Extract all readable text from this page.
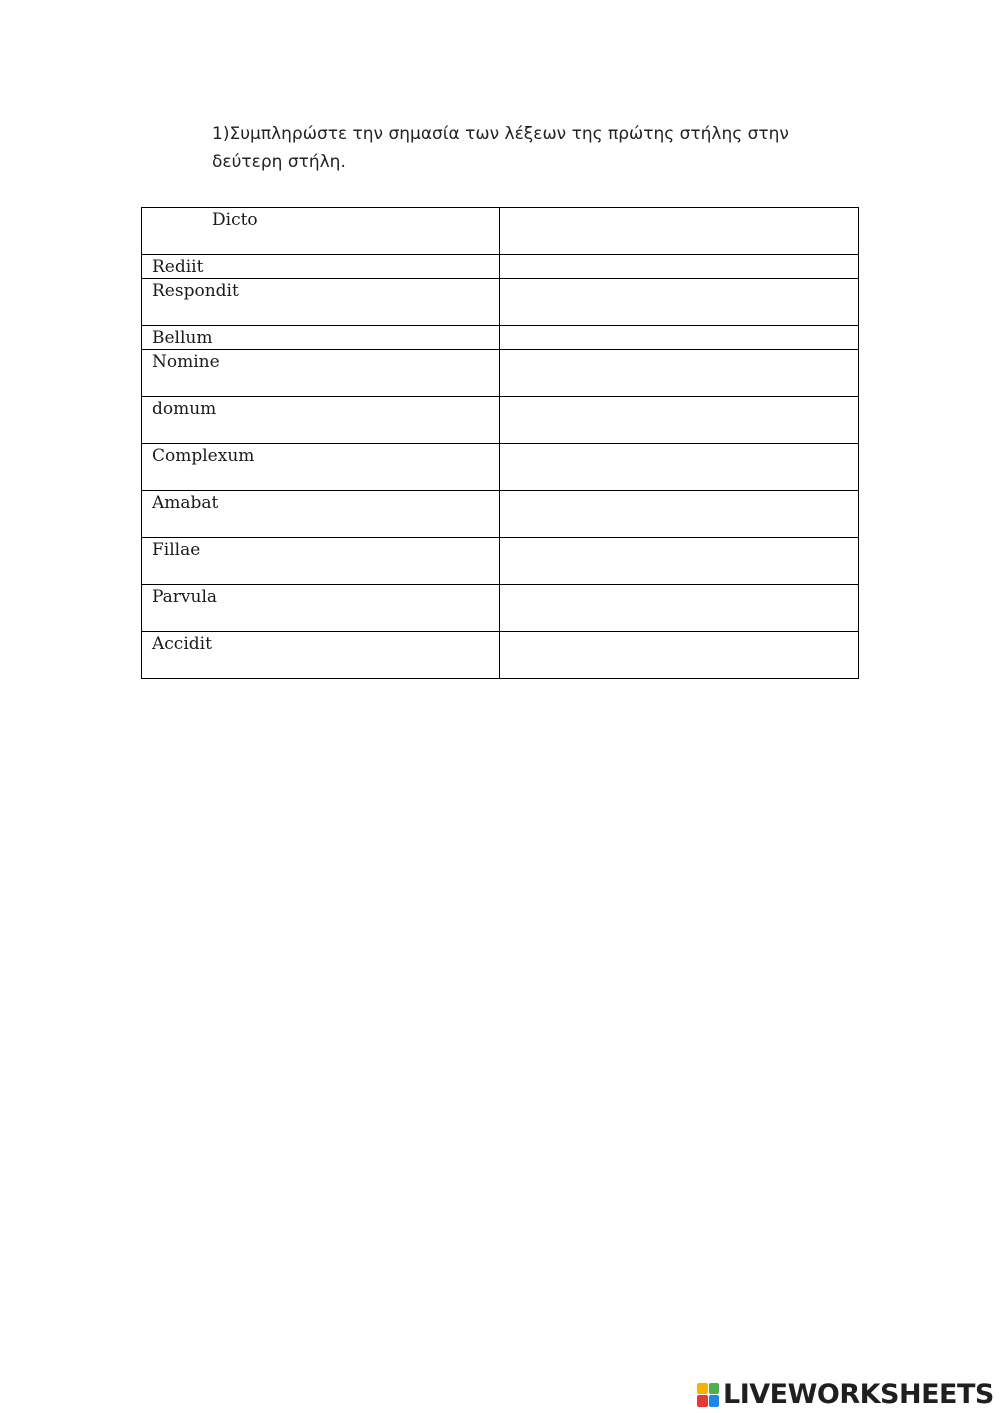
1)Συμπληρώστε την σημασία των λέξεων της πρώτης στήλης στην
δεύτερη στήλη.
Dicto	
Rediit	
Respondit	
Bellum	
Nomine	
domum	
Complexum	
Amabat	
Fillae	
Parvula	
Accidit	
LIVEWORKSHEETS
